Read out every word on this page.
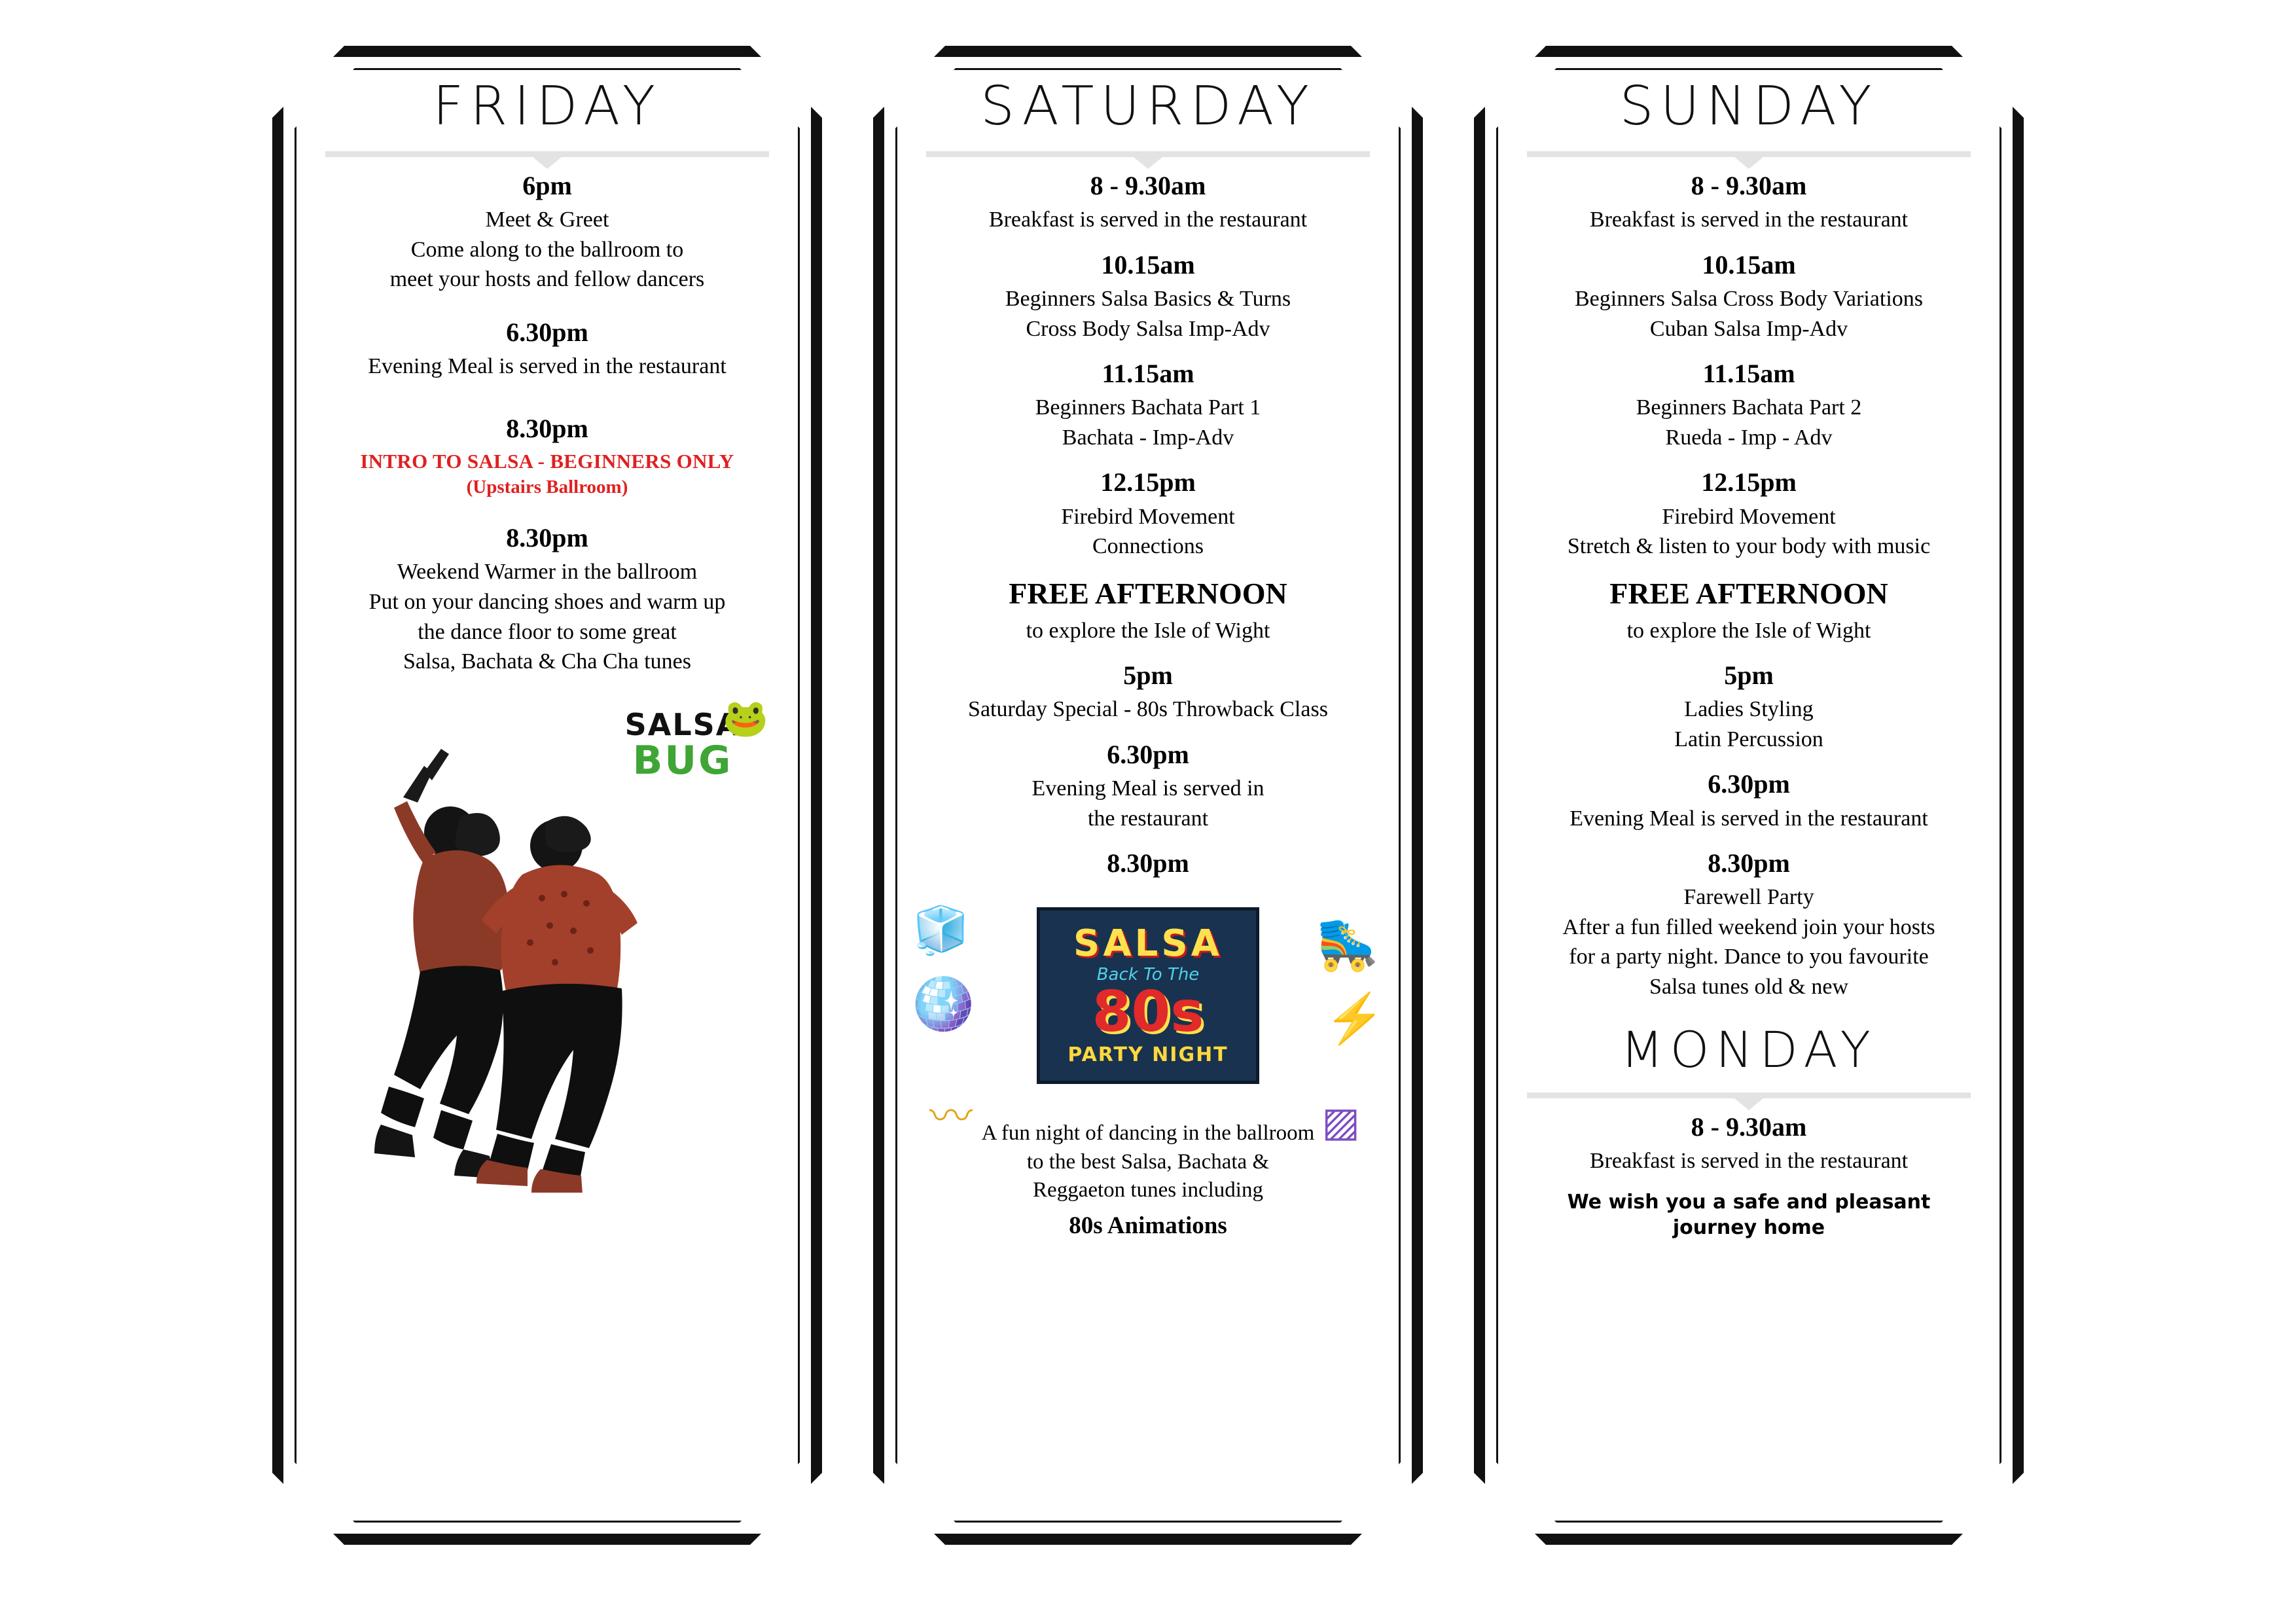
FRIDAY
6pm
Meet & Greet
Come along to the ballroom to
meet your hosts and fellow dancers
6.30pm
Evening Meal is served in the restaurant
8.30pm
INTRO TO SALSA - BEGINNERS ONLY
(Upstairs Ballroom)
8.30pm
Weekend Warmer in the ballroom
Put on your dancing shoes and warm up
the dance floor to some great
Salsa, Bachata & Cha Cha tunes
SALSA
BUG
🐸
SATURDAY
8 - 9.30am
Breakfast is served in the restaurant
10.15am
Beginners Salsa Basics & Turns
Cross Body Salsa Imp-Adv
11.15am
Beginners Bachata Part 1
Bachata - Imp-Adv
12.15pm
Firebird Movement
Connections
FREE AFTERNOON
to explore the Isle of Wight
5pm
Saturday Special - 80s Throwback Class
6.30pm
Evening Meal is served in
the restaurant
8.30pm
🧊
🪩
🛼
⚡
〰	▨
SALSA
Back To The
80s
PARTY NIGHT
A fun night of dancing in the ballroom
to the best Salsa, Bachata &
Reggaeton tunes including
80s Animations
SUNDAY
8 - 9.30am
Breakfast is served in the restaurant
10.15am
Beginners Salsa Cross Body Variations
Cuban Salsa Imp-Adv
11.15am
Beginners Bachata Part 2
Rueda - Imp - Adv
12.15pm
Firebird Movement
Stretch & listen to your body with music
FREE AFTERNOON
to explore the Isle of Wight
5pm
Ladies Styling
Latin Percussion
6.30pm
Evening Meal is served in the restaurant
8.30pm
Farewell Party
After a fun filled weekend join your hosts
for a party night. Dance to you favourite
Salsa tunes old & new
MONDAY
8 - 9.30am
Breakfast is served in the restaurant
We wish you a safe and pleasant
journey home
